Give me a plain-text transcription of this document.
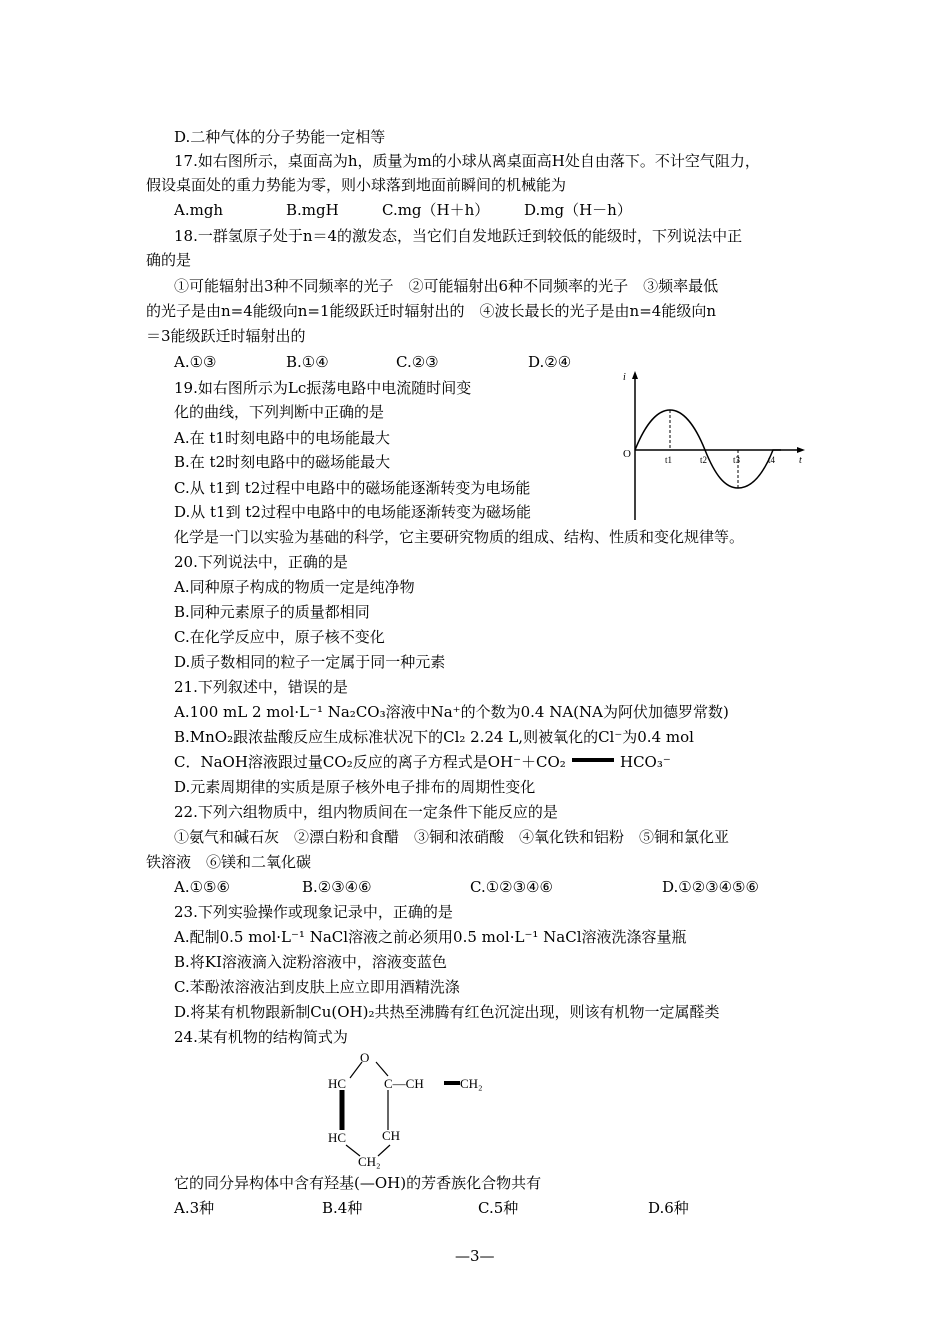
D.二种气体的分子势能一定相等
17.如右图所示，桌面高为h，质量为m的小球从离桌面高H处自由落下。不计空气阻力，
假设桌面处的重力势能为零，则小球落到地面前瞬间的机械能为
A.mgh	B.mgH	C.mg（H＋h） D.mg（H－h）
18.一群氢原子处于n＝4的激发态，当它们自发地跃迁到较低的能级时，下列说法中正
确的是
①可能辐射出3种不同频率的光子　②可能辐射出6种不同频率的光子　③频率最低
的光子是由n=4能级向n=1能级跃迁时辐射出的　④波长最长的光子是由n=4能级向n
＝3能级跃迁时辐射出的
A.①③	B.①④	C.②③	D.②④
19.如右图所示为Lc振荡电路中电流随时间变
化的曲线，下列判断中正确的是
A.在 t1时刻电路中的电场能最大
B.在 t2时刻电路中的磁场能最大
C.从 t1到 t2过程中电路中的磁场能逐渐转变为电场能
D.从 t1到 t2过程中电路中的电场能逐渐转变为磁场能
i
O
t
t1	t2	t3	t4
化学是一门以实验为基础的科学，它主要研究物质的组成、结构、性质和变化规律等。
20.下列说法中，正确的是
A.同种原子构成的物质一定是纯净物
B.同种元素原子的质量都相同
C.在化学反应中，原子核不变化
D.质子数相同的粒子一定属于同一种元素
21.下列叙述中，错误的是
A.100 mL 2 mol·L⁻¹ Na₂CO₃溶液中Na⁺的个数为0.4 NA(NA为阿伏加德罗常数)
B.MnO₂跟浓盐酸反应生成标准状况下的Cl₂ 2.24 L,则被氧化的Cl⁻为0.4 mol
C．NaOH溶液跟过量CO₂反应的离子方程式是OH⁻＋CO₂	HCO₃⁻
D.元素周期律的实质是原子核外电子排布的周期性变化
22.下列六组物质中，组内物质间在一定条件下能反应的是
①氨气和碱石灰　②漂白粉和食醋　③铜和浓硝酸　④氧化铁和铝粉　⑤铜和氯化亚
铁溶液　⑥镁和二氧化碳
A.①⑤⑥	B.②③④⑥	C.①②③④⑥	D.①②③④⑤⑥
23.下列实验操作或现象记录中，正确的是
A.配制0.5 mol·L⁻¹ NaCl溶液之前必须用0.5 mol·L⁻¹ NaCl溶液洗涤容量瓶
B.将KI溶液滴入淀粉溶液中，溶液变蓝色
C.苯酚浓溶液沾到皮肤上应立即用酒精洗涤
D.将某有机物跟新制Cu(OH)₂共热至沸腾有红色沉淀出现，则该有机物一定属醛类
24.某有机物的结构简式为
O
HC	C—CH	CH₂
HC	CH
CH₂
它的同分异构体中含有羟基(—OH)的芳香族化合物共有
A.3种	B.4种	C.5种	D.6种
—3—
